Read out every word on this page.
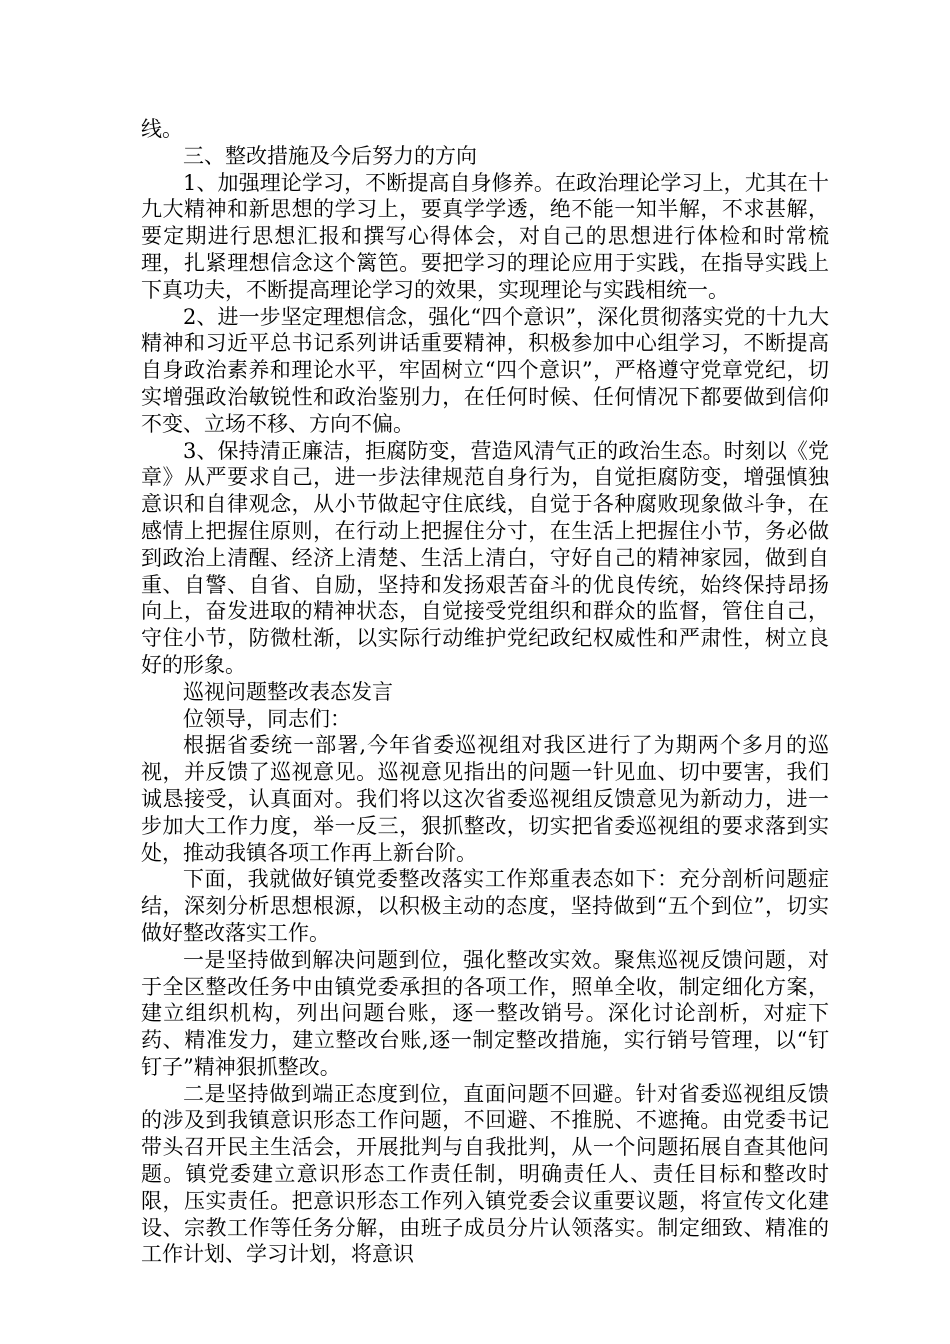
线。

三、整改措施及今后努力的方向

1、加强理论学习，不断提高自身修养。在政治理论学习上，尤其在十九大精神和新思想的学习上，要真学学透，绝不能一知半解，不求甚解，要定期进行思想汇报和撰写心得体会，对自己的思想进行体检和时常梳理，扎紧理想信念这个篱笆。要把学习的理论应用于实践，在指导实践上下真功夫，不断提高理论学习的效果，实现理论与实践相统一。

2、进一步坚定理想信念，强化“四个意识”，深化贯彻落实党的十九大精神和习近平总书记系列讲话重要精神，积极参加中心组学习，不断提高自身政治素养和理论水平，牢固树立“四个意识”，严格遵守党章党纪，切实增强政治敏锐性和政治鉴别力，在任何时候、任何情况下都要做到信仰不变、立场不移、方向不偏。

3、保持清正廉洁，拒腐防变，营造风清气正的政治生态。时刻以《党章》从严要求自己，进一步法律规范自身行为，自觉拒腐防变，增强慎独意识和自律观念，从小节做起守住底线，自觉于各种腐败现象做斗争，在感情上把握住原则，在行动上把握住分寸，在生活上把握住小节，务必做到政治上清醒、经济上清楚、生活上清白，守好自己的精神家园，做到自重、自警、自省、自励，坚持和发扬艰苦奋斗的优良传统，始终保持昂扬向上，奋发进取的精神状态，自觉接受党组织和群众的监督，管住自己，守住小节，防微杜渐，以实际行动维护党纪政纪权威性和严肃性，树立良好的形象。

巡视问题整改表态发言

位领导，同志们：

根据省委统一部署,今年省委巡视组对我区进行了为期两个多月的巡视，并反馈了巡视意见。巡视意见指出的问题一针见血、切中要害，我们诚恳接受，认真面对。我们将以这次省委巡视组反馈意见为新动力，进一步加大工作力度，举一反三，狠抓整改，切实把省委巡视组的要求落到实处，推动我镇各项工作再上新台阶。

下面，我就做好镇党委整改落实工作郑重表态如下：充分剖析问题症结，深刻分析思想根源，以积极主动的态度，坚持做到“五个到位”，切实做好整改落实工作。

一是坚持做到解决问题到位，强化整改实效。聚焦巡视反馈问题，对于全区整改任务中由镇党委承担的各项工作，照单全收，制定细化方案，建立组织机构，列出问题台账，逐一整改销号。深化讨论剖析，对症下药、精准发力，建立整改台账,逐一制定整改措施，实行销号管理，以“钉钉子”精神狠抓整改。

二是坚持做到端正态度到位，直面问题不回避。针对省委巡视组反馈的涉及到我镇意识形态工作问题，不回避、不推脱、不遮掩。由党委书记带头召开民主生活会，开展批判与自我批判，从一个问题拓展自查其他问题。镇党委建立意识形态工作责任制，明确责任人、责任目标和整改时限，压实责任。把意识形态工作列入镇党委会议重要议题，将宣传文化建设、宗教工作等任务分解，由班子成员分片认领落实。制定细致、精准的工作计划、学习计划，将意识
